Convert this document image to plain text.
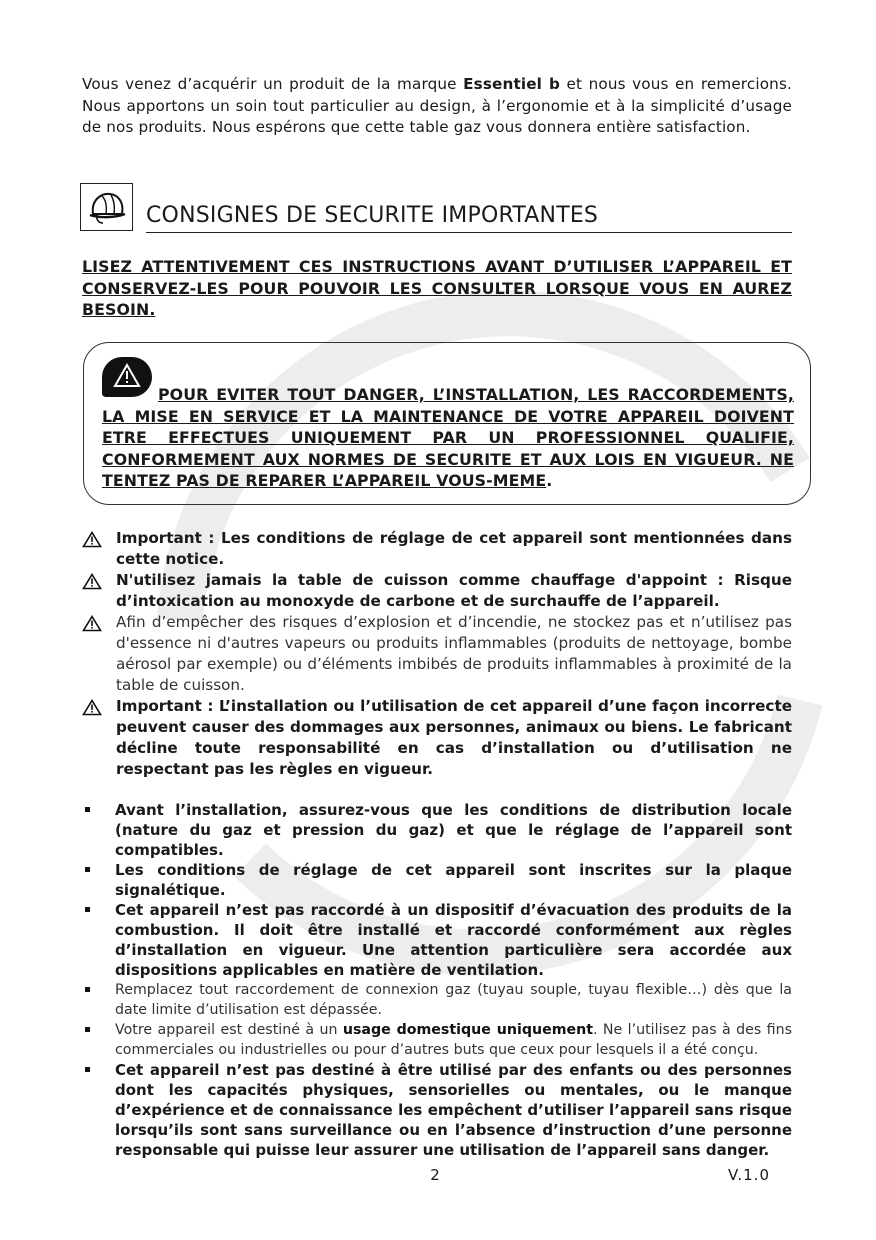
Vous venez d’acquérir un produit de la marque Essentiel b et nous vous en remercions. Nous apportons un soin tout particulier au design, à l’ergonomie et à la simplicité d’usage de nos produits. Nous espérons que cette table gaz vous donnera entière satisfaction.

CONSIGNES DE SECURITE IMPORTANTES
LISEZ ATTENTIVEMENT CES INSTRUCTIONS AVANT D’UTILISER L’APPAREIL ET CONSERVEZ-LES POUR POUVOIR LES CONSULTER LORSQUE VOUS EN AUREZ BESOIN.
POUR EVITER TOUT DANGER, L’INSTALLATION, LES RACCORDEMENTS, LA MISE EN SERVICE ET LA MAINTENANCE DE VOTRE APPAREIL DOIVENT ETRE EFFECTUES UNIQUEMENT PAR UN PROFESSIONNEL QUALIFIE, CONFORMEMENT AUX NORMES DE SECURITE ET AUX LOIS EN VIGUEUR. NE TENTEZ PAS DE REPARER L’APPAREIL VOUS-MEME.
Important : Les conditions de réglage de cet appareil sont mentionnées dans cette notice.
N'utilisez jamais la table de cuisson comme chauffage d'appoint : Risque d’intoxication au monoxyde de carbone et de surchauffe de l’appareil.
Afin d’empêcher des risques d’explosion et d’incendie, ne stockez pas et n’utilisez pas d'essence ni d'autres vapeurs ou produits inflammables (produits de nettoyage, bombe aérosol par exemple) ou d’éléments imbibés de produits inflammables à proximité de la table de cuisson.
Important : L’installation ou l’utilisation de cet appareil d’une façon incorrecte peuvent causer des dommages aux personnes, animaux ou biens. Le fabricant décline toute responsabilité en cas d’installation ou d’utilisation ne respectant pas les règles en vigueur.
Avant l’installation, assurez-vous que les conditions de distribution locale (nature du gaz et pression du gaz) et que le réglage de l’appareil sont compatibles.
Les conditions de réglage de cet appareil sont inscrites sur la plaque signalétique.
Cet appareil n’est pas raccordé à un dispositif d’évacuation des produits de la combustion. Il doit être installé et raccordé conformément aux règles d’installation en vigueur. Une attention particulière sera accordée aux dispositions applicables en matière de ventilation.
Remplacez tout raccordement de connexion gaz (tuyau souple, tuyau flexible…) dès que la date limite d’utilisation est dépassée.
Votre appareil est destiné à un usage domestique uniquement. Ne l’utilisez pas à des fins commerciales ou industrielles ou pour d’autres buts que ceux pour lesquels il a été conçu.
Cet appareil n’est pas destiné à être utilisé par des enfants ou des personnes dont les capacités physiques, sensorielles ou mentales, ou le manque d’expérience et de connaissance les empêchent d’utiliser l’appareil sans risque lorsqu’ils sont sans surveillance ou en l’absence d’instruction d’une personne responsable qui puisse leur assurer une utilisation de l’appareil sans danger.
2	V.1.0
